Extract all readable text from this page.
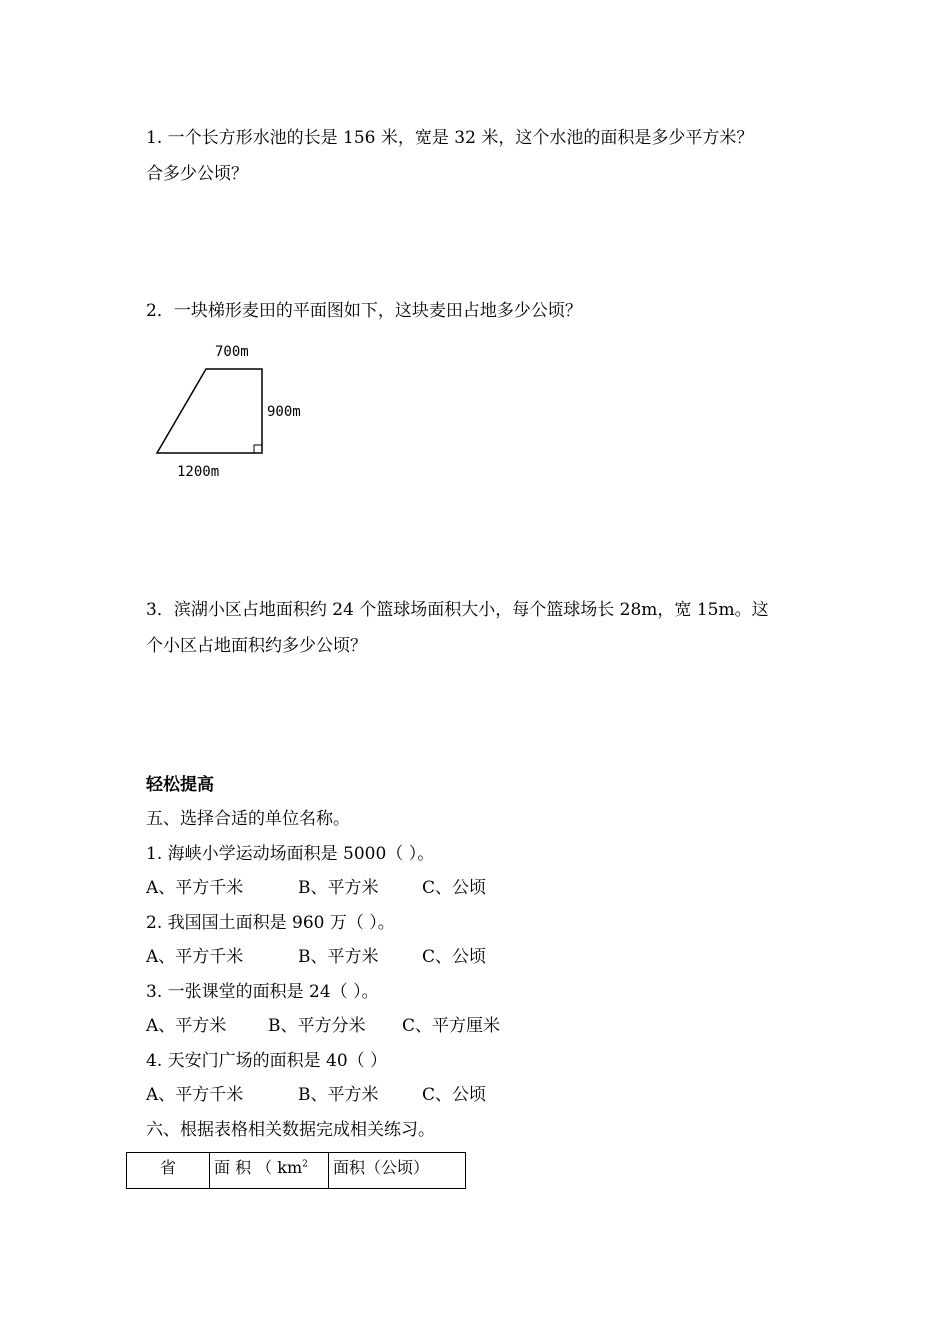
1. 一个长方形水池的长是 156 米，宽是 32 米，这个水池的面积是多少平方米？
合多少公顷？
2．一块梯形麦田的平面图如下，这块麦田占地多少公顷？
700m
900m
1200m
3．滨湖小区占地面积约 24 个篮球场面积大小，每个篮球场长 28m，宽 15m。这
个小区占地面积约多少公顷？
轻松提高
五、选择合适的单位名称。
1. 海峡小学运动场面积是 5000（ ）。
A、平方千米	B、平方米	C、公顷
2. 我国国土面积是 960 万（ ）。
A、平方千米	B、平方米	C、公顷
3. 一张课堂的面积是 24（ ）。
A、平方米 B、平方分米 C、平方厘米
4. 天安门广场的面积是 40（ ）
A、平方千米	B、平方米	C、公顷
六、根据表格相关数据完成相关练习。
省	面 积 （ $km^2$	面积（公顷）
